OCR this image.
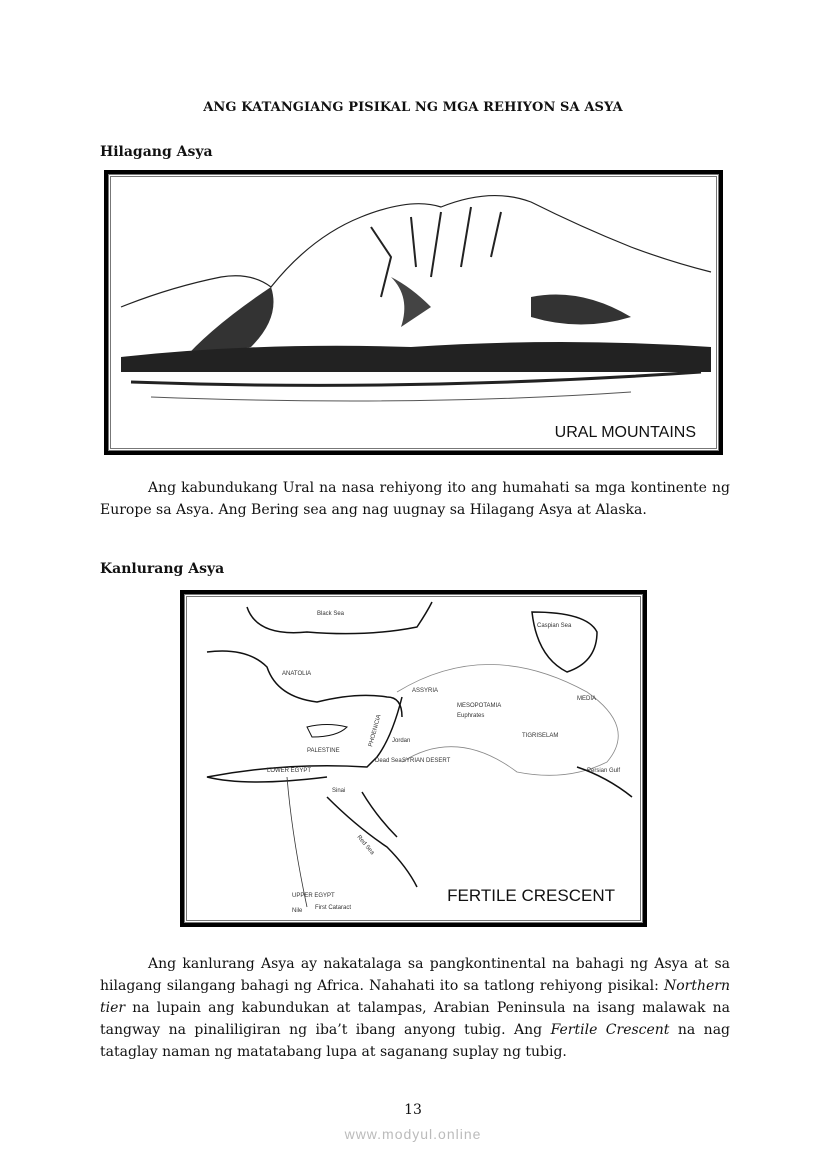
ANG KATANGIANG PISIKAL NG MGA REHIYON SA ASYA
Hilagang Asya
URAL MOUNTAINS
Ang kabundukang Ural na nasa rehiyong ito ang humahati sa mga kontinente ng Europe sa Asya. Ang Bering sea ang nag uugnay sa Hilagang Asya at Alaska.
Kanlurang Asya
Black Sea
Caspian Sea
ANATOLIA
ASSYRIA
MEDIA
MESOPOTAMIA
Euphrates
TIGRIS ELAM
PHOENICIA
PALESTINE
Jordan
Dead Sea SYRIAN DESERT
Persian Gulf
LOWER EGYPT
Sinai
Red Sea
UPPER EGYPT
First Cataract
Nile
FERTILE CRESCENT
Ang kanlurang Asya ay nakatalaga sa pangkontinental na bahagi ng Asya at sa hilagang silangang bahagi ng Africa. Nahahati ito sa tatlong rehiyong pisikal: Northern tier na lupain ang kabundukan at talampas, Arabian Peninsula na isang malawak na tangway na pinaliligiran ng iba’t ibang anyong tubig. Ang Fertile Crescent na nag tataglay naman ng matatabang lupa at saganang suplay ng tubig.
13
www.modyul.online
